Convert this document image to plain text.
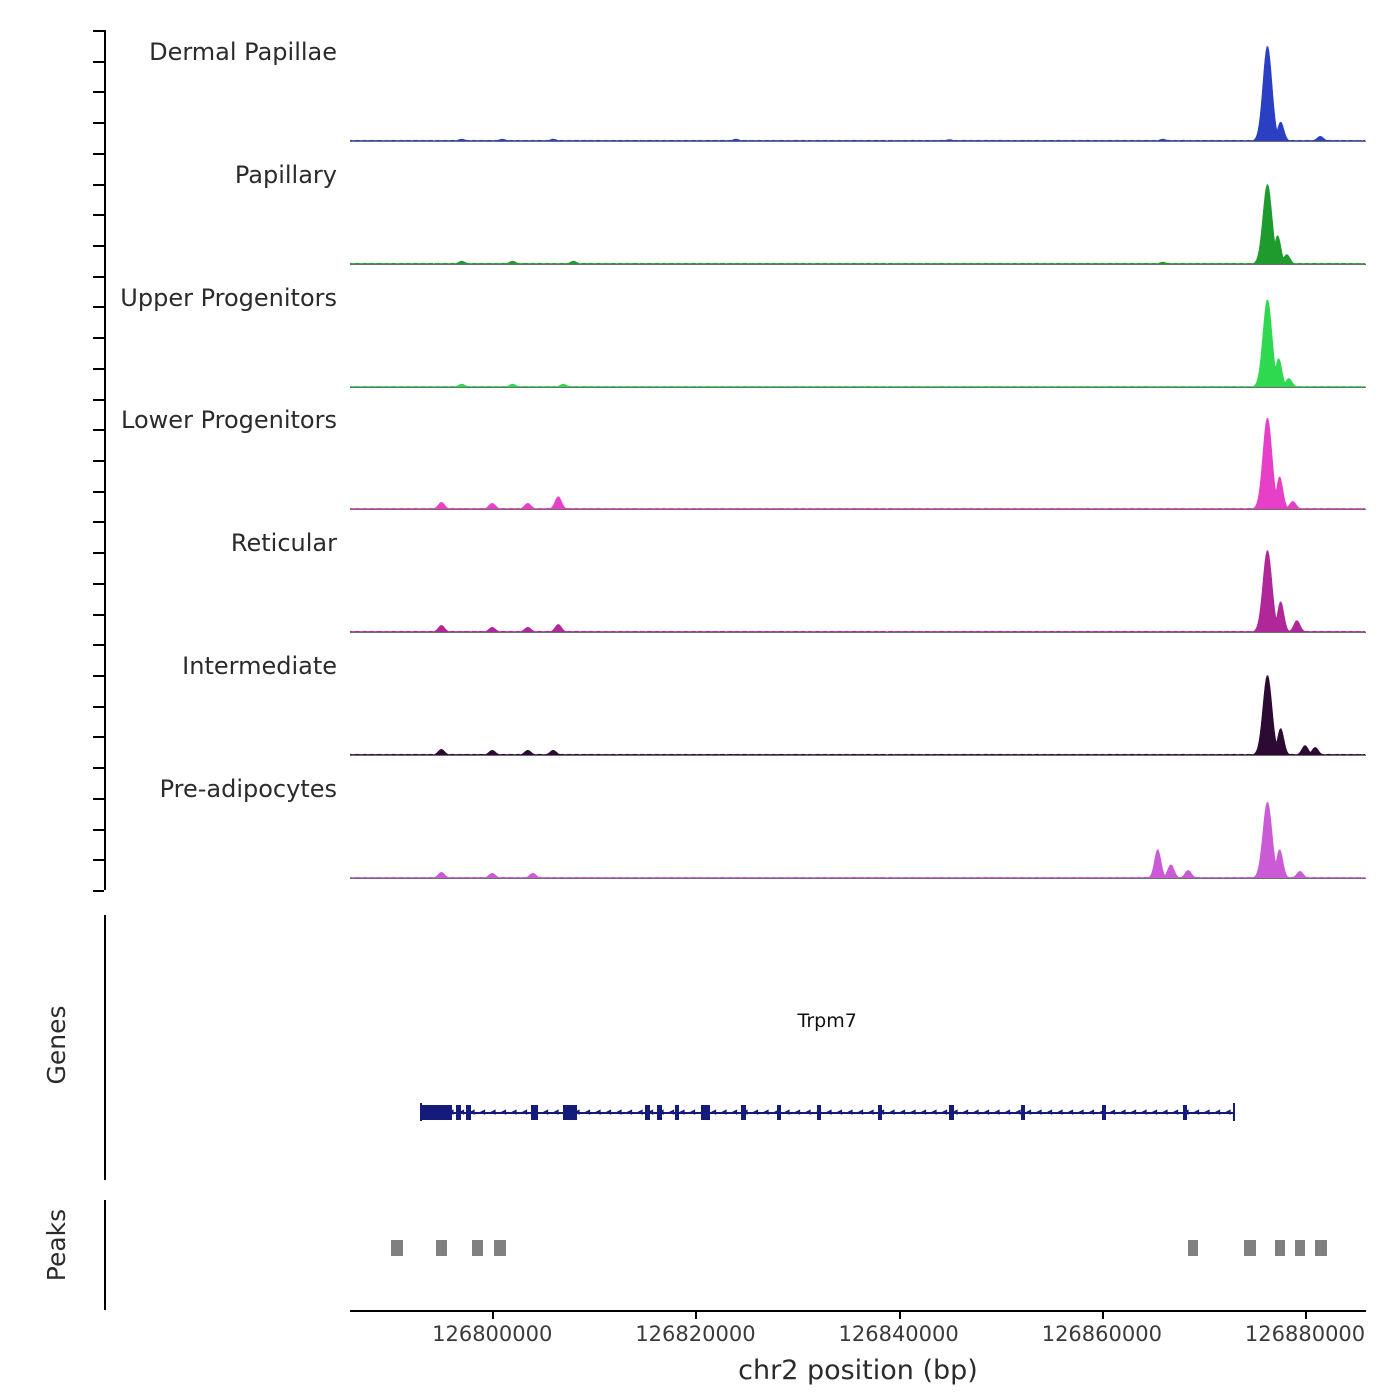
Genes
Peaks
Dermal Papillae
Papillary
Upper Progenitors
Lower Progenitors
Reticular
Intermediate
Pre-adipocytes
Trpm7
◂ ◂ ◂ ◂ ◂ ◂ ◂ ◂ ◂ ◂ ◂ ◂ ◂ ◂ ◂ ◂ ◂ ◂ ◂ ◂ ◂ ◂ ◂ ◂ ◂ ◂ ◂ ◂ ◂ ◂ ◂ ◂ ◂ ◂ ◂ ◂ ◂ ◂ ◂ ◂ ◂ ◂ ◂ ◂ ◂ ◂ ◂ ◂ ◂ ◂ ◂ ◂ ◂ ◂ ◂ ◂ ◂ ◂ ◂ ◂ ◂ ◂ ◂ ◂ ◂ ◂ ◂ ◂ ◂ ◂ ◂ ◂ ◂ ◂ ◂ ◂ ◂
126800000	126820000	126840000	126860000	126880000
chr2 position (bp)
